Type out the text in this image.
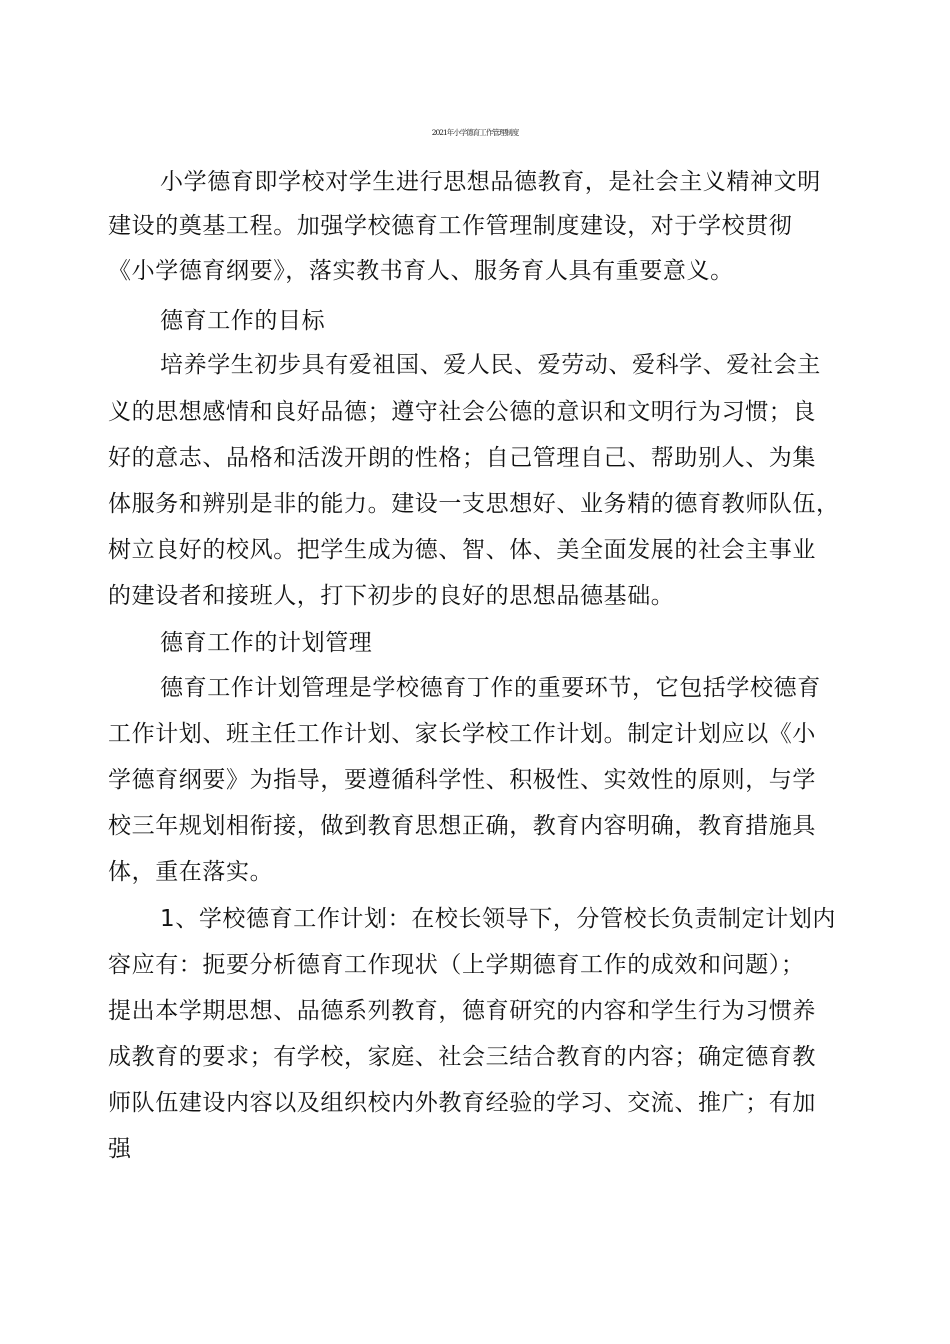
2021年小学德育工作管理制度
小学德育即学校对学生进行思想品德教育，是社会主义精神文明
建设的奠基工程。加强学校德育工作管理制度建设，对于学校贯彻
《小学德育纲要》，落实教书育人、服务育人具有重要意义。
德育工作的目标
培养学生初步具有爱祖国、爱人民、爱劳动、爱科学、爱社会主
义的思想感情和良好品德；遵守社会公德的意识和文明行为习惯；良
好的意志、品格和活泼开朗的性格；自己管理自己、帮助别人、为集
体服务和辨别是非的能力。建设一支思想好、业务精的德育教师队伍，
树立良好的校风。把学生成为德、智、体、美全面发展的社会主事业
的建设者和接班人，打下初步的良好的思想品德基础。
德育工作的计划管理
德育工作计划管理是学校德育丁作的重要环节，它包括学校德育
工作计划、班主任工作计划、家长学校工作计划。制定计划应以《小
学德育纲要》为指导，要遵循科学性、积极性、实效性的原则，与学
校三年规划相衔接，做到教育思想正确，教育内容明确，教育措施具
体，重在落实。
1、学校德育工作计划：在校长领导下，分管校长负责制定计划内
容应有：扼要分析德育工作现状（上学期德育工作的成效和问题）；
提出本学期思想、品德系列教育，德育研究的内容和学生行为习惯养
成教育的要求；有学校，家庭、社会三结合教育的内容；确定德育教
师队伍建设内容以及组织校内外教育经验的学习、交流、推广；有加
强
